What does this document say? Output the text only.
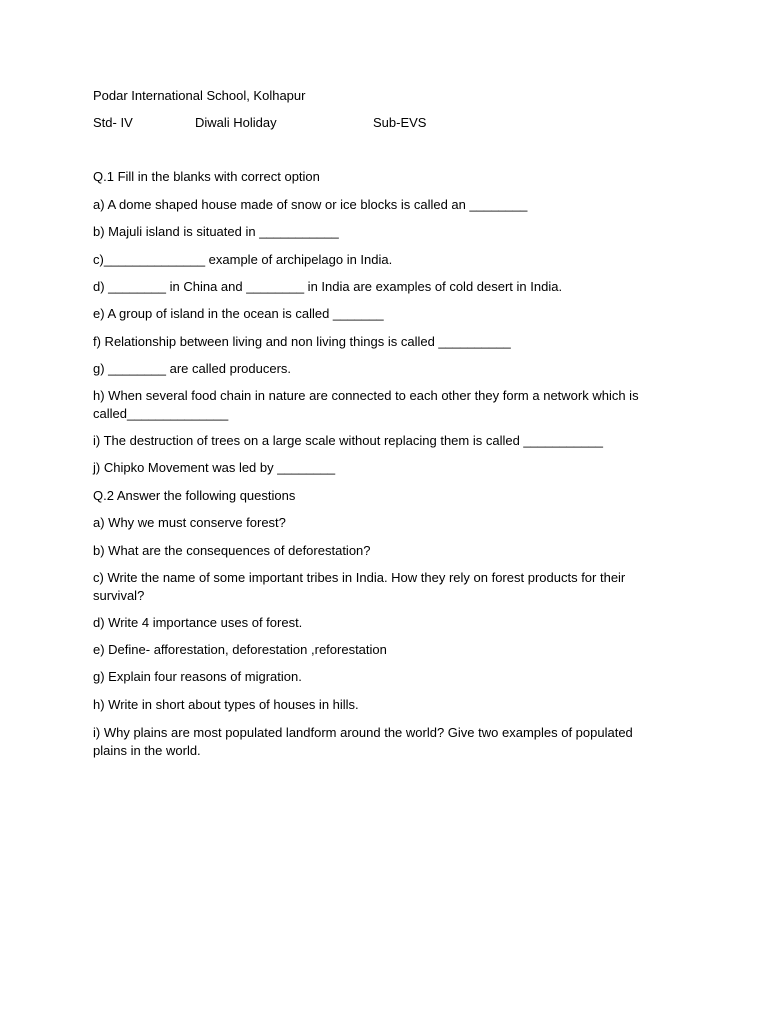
Podar International School, Kolhapur
Std- IV	Diwali Holiday	Sub-EVS
Q.1 Fill in the blanks with correct option
a) A dome shaped house made of snow or ice blocks is called an ________
b) Majuli island is situated in ___________
c)______________ example of archipelago in India.
d) ________ in China and ________ in India are examples of cold desert in India.
e) A group of island in the ocean is called _______
f) Relationship between living and non living things is called __________
g) ________ are called producers.
h) When several food chain in nature are connected to each other they form a network which is called______________
i) The destruction of trees on a large scale without replacing them is called ___________
j) Chipko Movement was led by ________
Q.2 Answer the following questions
a) Why we must conserve forest?
b) What are the consequences of deforestation?
c) Write the name of some important tribes in India. How they rely on forest products for their survival?
d) Write 4 importance uses of forest.
e) Define- afforestation, deforestation ,reforestation
g) Explain four reasons of migration.
h) Write in short about types of houses in hills.
i) Why plains are most populated landform around the world? Give two examples of populated plains in the world.
